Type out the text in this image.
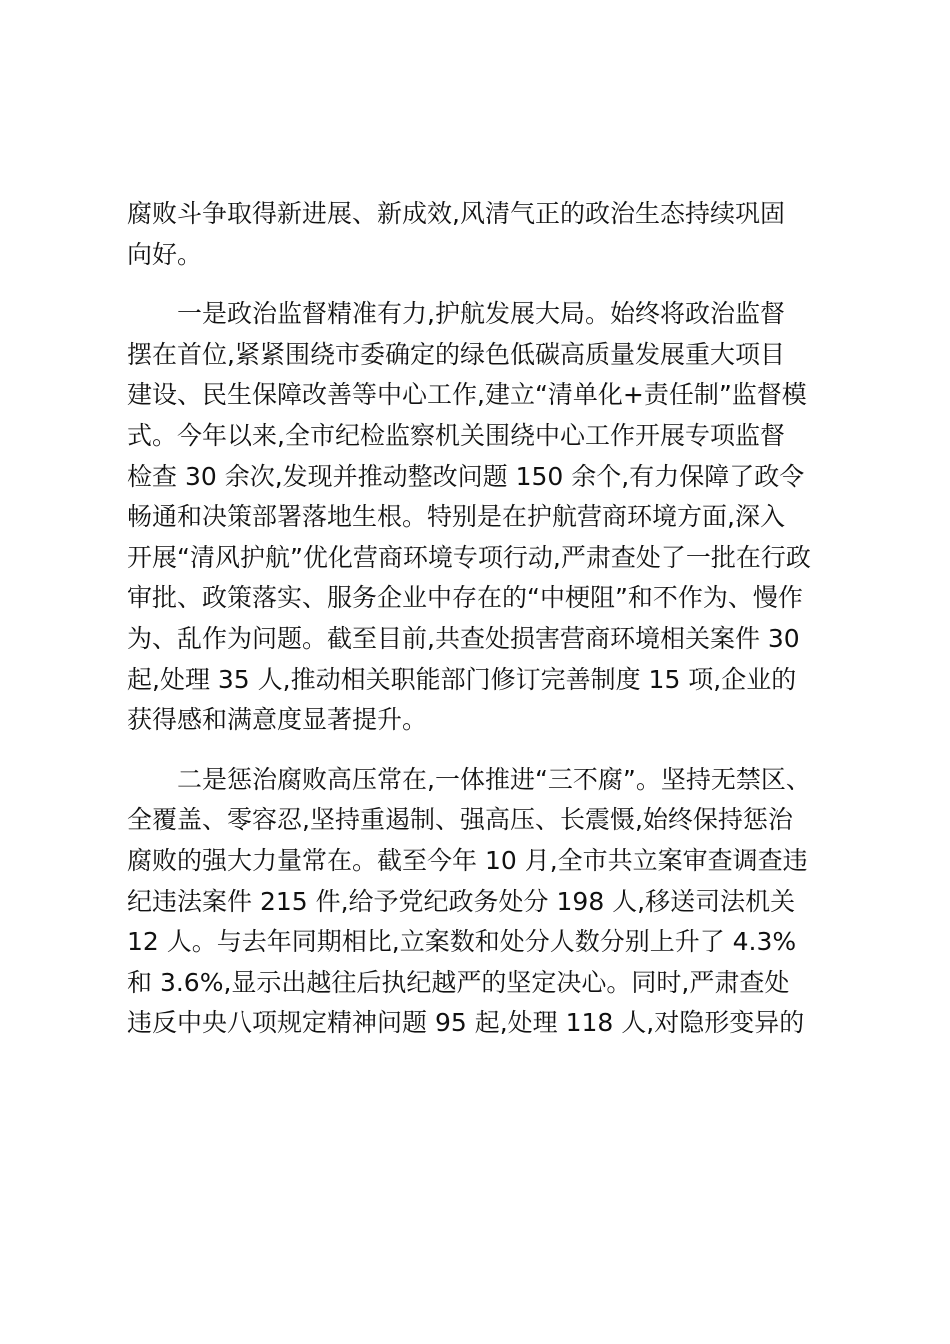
腐败斗争取得新进展、新成效,风清气正的政治生态持续巩固
向好。
　　一是政治监督精准有力,护航发展大局。始终将政治监督
摆在首位,紧紧围绕市委确定的绿色低碳高质量发展重大项目
建设、民生保障改善等中心工作,建立“清单化+责任制”监督模
式。今年以来,全市纪检监察机关围绕中心工作开展专项监督
检查 30 余次,发现并推动整改问题 150 余个,有力保障了政令
畅通和决策部署落地生根。特别是在护航营商环境方面,深入
开展“清风护航”优化营商环境专项行动,严肃查处了一批在行政
审批、政策落实、服务企业中存在的“中梗阻”和不作为、慢作
为、乱作为问题。截至目前,共查处损害营商环境相关案件 30
起,处理 35 人,推动相关职能部门修订完善制度 15 项,企业的
获得感和满意度显著提升。
　　二是惩治腐败高压常在,一体推进“三不腐”。坚持无禁区、
全覆盖、零容忍,坚持重遏制、强高压、长震慑,始终保持惩治
腐败的强大力量常在。截至今年 10 月,全市共立案审查调查违
纪违法案件 215 件,给予党纪政务处分 198 人,移送司法机关
12 人。与去年同期相比,立案数和处分人数分别上升了 4.3%
和 3.6%,显示出越往后执纪越严的坚定决心。同时,严肃查处
违反中央八项规定精神问题 95 起,处理 118 人,对隐形变异的
